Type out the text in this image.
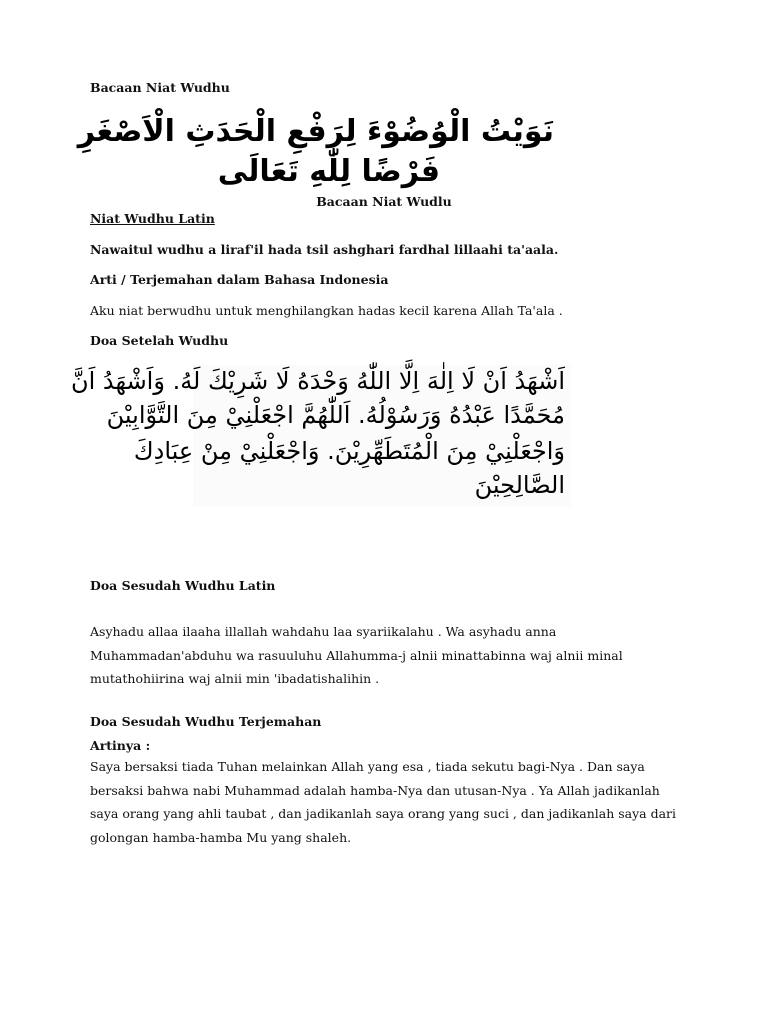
Bacaan Niat Wudhu
نَوَيْتُ الْوُضُوْءَ لِرَفْعِ الْحَدَثِ الْاَصْغَرِ
فَرْضًا لِلّٰهِ تَعَالَى
Bacaan Niat Wudlu
Niat Wudhu Latin
Nawaitul wudhu a liraf'il hada tsil ashghari fardhal lillaahi ta'aala.
Arti / Terjemahan dalam Bahasa Indonesia
Aku niat berwudhu untuk menghilangkan hadas kecil karena Allah Ta'ala .
Doa Setelah Wudhu
اَشْهَدُ اَنْ لَا اِلٰهَ اِلَّا اللّٰهُ وَحْدَهُ لَا شَرِيْكَ لَهُ. وَاَشْهَدُ اَنَّ
مُحَمَّدًا عَبْدُهُ وَرَسُوْلُهُ. اَللّٰهُمَّ اجْعَلْنِيْ مِنَ التَّوَّابِيْنَ
وَاجْعَلْنِيْ مِنَ الْمُتَطَهِّرِيْنَ. وَاجْعَلْنِيْ مِنْ عِبَادِكَ
الصَّالِحِيْنَ
Doa Sesudah Wudhu Latin
Asyhadu allaa ilaaha illallah wahdahu laa syariikalahu . Wa asyhadu anna Muhammadan'abduhu wa rasuuluhu Allahumma-j alnii minattabinna waj alnii minal mutathohiirina waj alnii min 'ibadatishalihin .
Doa Sesudah Wudhu Terjemahan
Artinya :
Saya bersaksi tiada Tuhan melainkan Allah yang esa , tiada sekutu bagi-Nya . Dan saya bersaksi bahwa nabi Muhammad adalah hamba-Nya dan utusan-Nya . Ya Allah jadikanlah saya orang yang ahli taubat , dan jadikanlah saya orang yang suci , dan jadikanlah saya dari golongan hamba-hamba Mu yang shaleh.
